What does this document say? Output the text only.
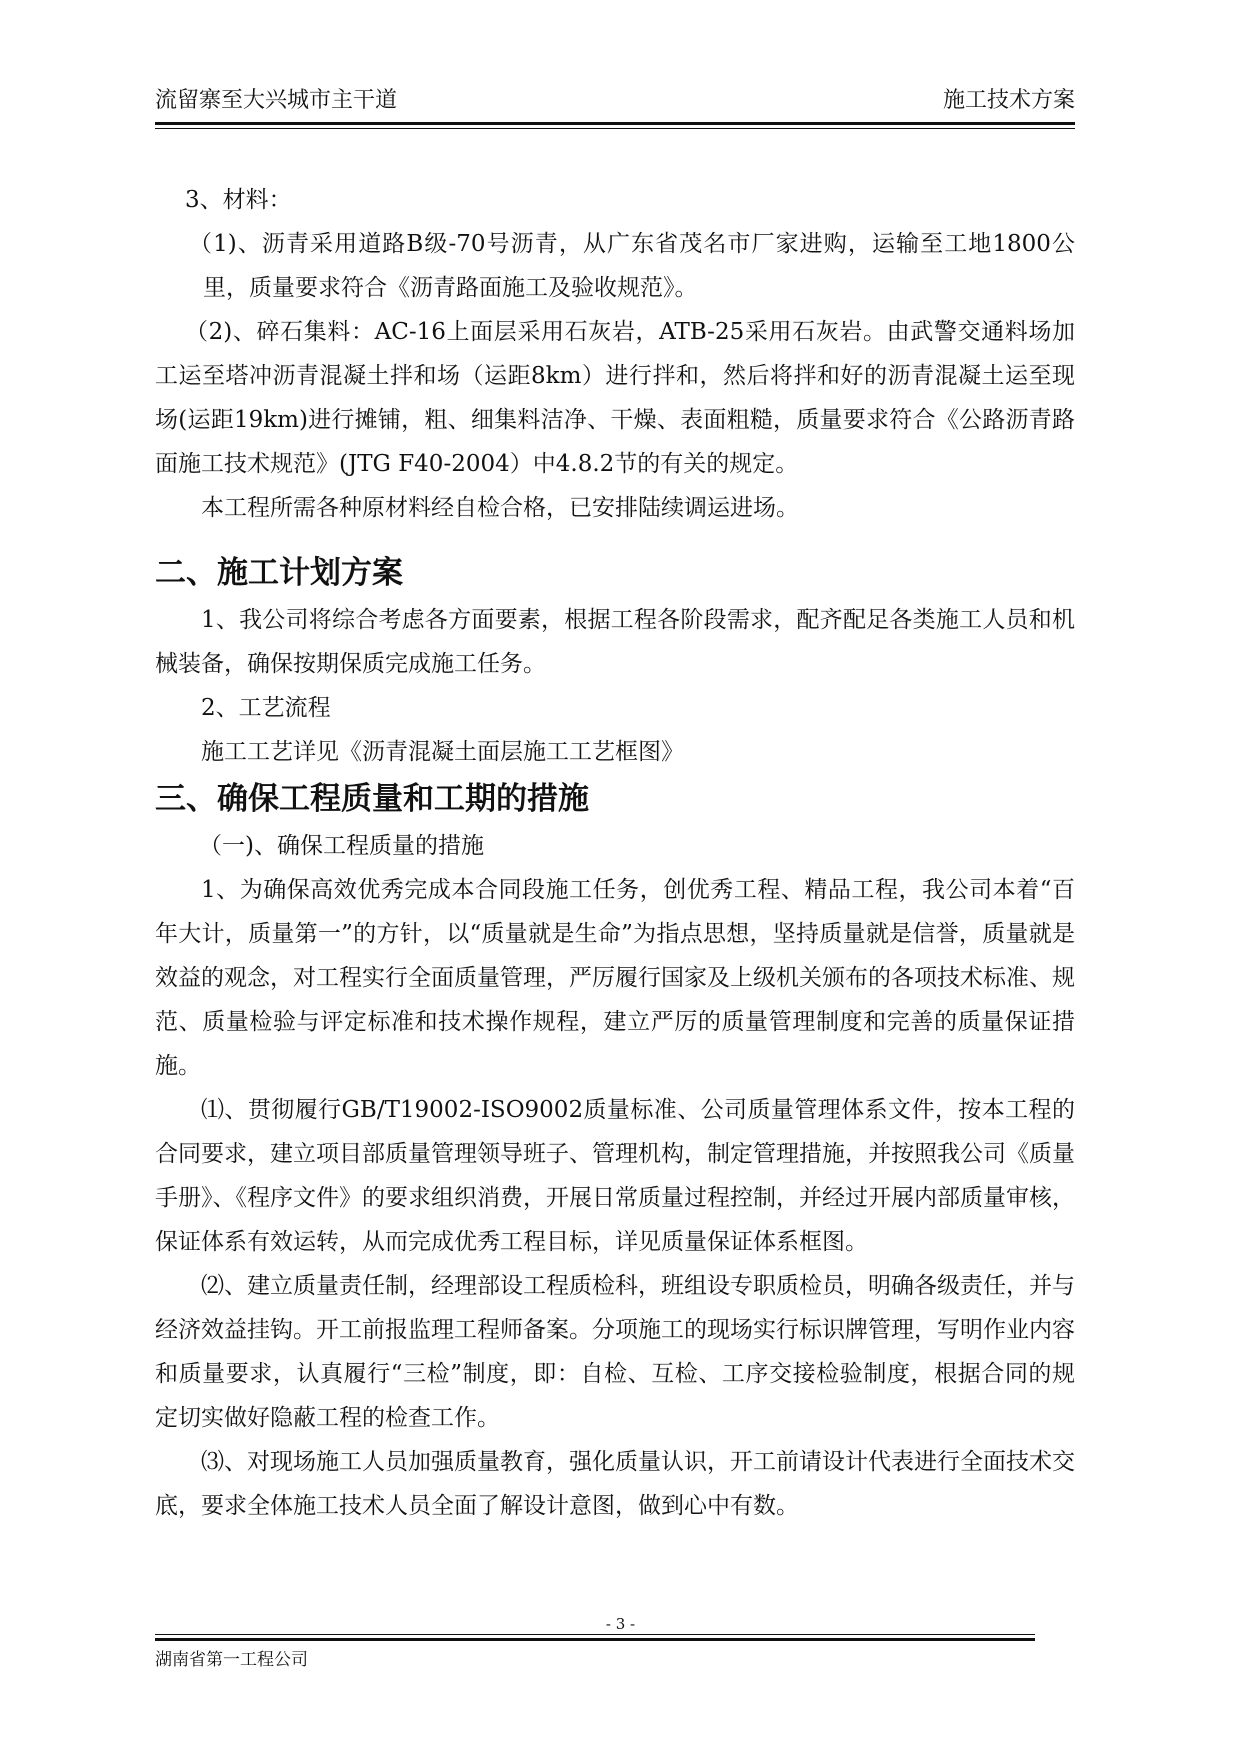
流留寨至大兴城市主干道	施工技术方案

3、材料：

（1)、沥青采用道路B级-70号沥青，从广东省茂名市厂家进购，运输至工地1800公里，质量要求符合《沥青路面施工及验收规范》。

（2)、碎石集料：AC-16上面层采用石灰岩，ATB-25采用石灰岩。由武警交通料场加工运至塔冲沥青混凝土拌和场（运距8km）进行拌和，然后将拌和好的沥青混凝土运至现场(运距19km)进行摊铺，粗、细集料洁净、干燥、表面粗糙，质量要求符合《公路沥青路面施工技术规范》(JTG F40-2004）中4.8.2节的有关的规定。

本工程所需各种原材料经自检合格，已安排陆续调运进场。

二、施工计划方案

1、我公司将综合考虑各方面要素，根据工程各阶段需求，配齐配足各类施工人员和机械装备，确保按期保质完成施工任务。

2、工艺流程

施工工艺详见《沥青混凝土面层施工工艺框图》

三、确保工程质量和工期的措施

（一)、确保工程质量的措施

1、为确保高效优秀完成本合同段施工任务，创优秀工程、精品工程，我公司本着“百年大计，质量第一”的方针，以“质量就是生命”为指点思想，坚持质量就是信誉，质量就是效益的观念，对工程实行全面质量管理，严厉履行国家及上级机关颁布的各项技术标准、规范、质量检验与评定标准和技术操作规程，建立严厉的质量管理制度和完善的质量保证措施。

⑴、贯彻履行GB/T19002-ISO9002质量标准、公司质量管理体系文件，按本工程的合同要求，建立项目部质量管理领导班子、管理机构，制定管理措施，并按照我公司《质量手册》、《程序文件》的要求组织消费，开展日常质量过程控制，并经过开展内部质量审核，保证体系有效运转，从而完成优秀工程目标，详见质量保证体系框图。

⑵、建立质量责任制，经理部设工程质检科，班组设专职质检员，明确各级责任，并与经济效益挂钩。开工前报监理工程师备案。分项施工的现场实行标识牌管理，写明作业内容和质量要求，认真履行“三检”制度，即：自检、互检、工序交接检验制度，根据合同的规定切实做好隐蔽工程的检查工作。

⑶、对现场施工人员加强质量教育，强化质量认识，开工前请设计代表进行全面技术交底，要求全体施工技术人员全面了解设计意图，做到心中有数。

- 3 -
湖南省第一工程公司
